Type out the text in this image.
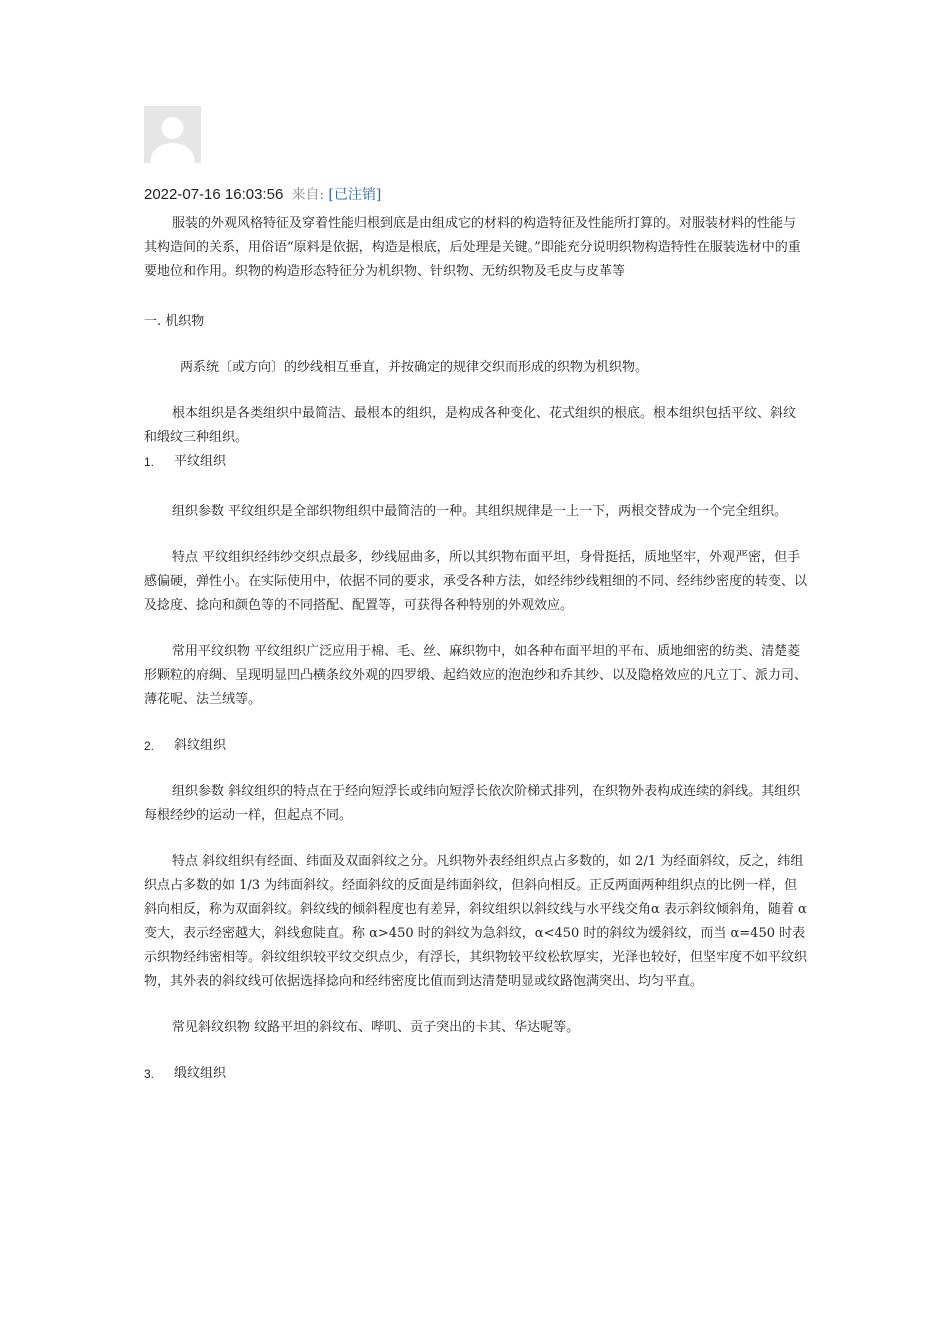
2022-07-16 16:03:56 来自: [已注销]

服装的外观风格特征及穿着性能归根到底是由组成它的材料的构造特征及性能所打算的。对服装材料的性能与其构造间的关系，用俗语“原料是依据，构造是根底，后处理是关键。”即能充分说明织物构造特性在服装选材中的重要地位和作用。织物的构造形态特征分为机织物、针织物、无纺织物及毛皮与皮革等

一. 机织物

两系统〔或方向〕的纱线相互垂直，并按确定的规律交织而形成的织物为机织物。

根本组织是各类组织中最简洁、最根本的组织，是构成各种变化、花式组织的根底。根本组织包括平纹、斜纹和缎纹三种组织。

1.	平纹组织

组织参数 平纹组织是全部织物组织中最简洁的一种。其组织规律是一上一下，两根交替成为一个完全组织。

特点 平纹组织经纬纱交织点最多，纱线屈曲多，所以其织物布面平坦，身骨挺括，质地坚牢，外观严密，但手感偏硬，弹性小。在实际使用中，依据不同的要求，承受各种方法，如经纬纱线粗细的不同、经纬纱密度的转变、以及捻度、捻向和颜色等的不同搭配、配置等，可获得各种特别的外观效应。

常用平纹织物 平纹组织广泛应用于棉、毛、丝、麻织物中，如各种布面平坦的平布、质地细密的纺类、清楚菱形颗粒的府绸、呈现明显凹凸横条纹外观的四罗缎、起绉效应的泡泡纱和乔其纱、以及隐格效应的凡立丁、派力司、薄花呢、法兰绒等。

2.	斜纹组织

组织参数 斜纹组织的特点在于经向短浮长或纬向短浮长依次阶梯式排列，在织物外表构成连续的斜线。其组织每根经纱的运动一样，但起点不同。

特点 斜纹组织有经面、纬面及双面斜纹之分。凡织物外表经组织点占多数的，如 2/1 为经面斜纹，反之，纬组织点占多数的如 1/3 为纬面斜纹。经面斜纹的反面是纬面斜纹，但斜向相反。正反两面两种组织点的比例一样，但斜向相反，称为双面斜纹。斜纹线的倾斜程度也有差异，斜纹组织以斜纹线与水平线交角α 表示斜纹倾斜角，随着 α 变大，表示经密越大，斜线愈陡直。称 α>450 时的斜纹为急斜纹，α<450 时的斜纹为缓斜纹，而当 α=450 时表示织物经纬密相等。斜纹组织较平纹交织点少，有浮长，其织物较平纹松软厚实，光泽也较好，但坚牢度不如平纹织物，其外表的斜纹线可依据选择捻向和经纬密度比值而到达清楚明显或纹路饱满突出、均匀平直。

常见斜纹织物 纹路平坦的斜纹布、哔叽、贡子突出的卡其、华达呢等。

3.	缎纹组织
